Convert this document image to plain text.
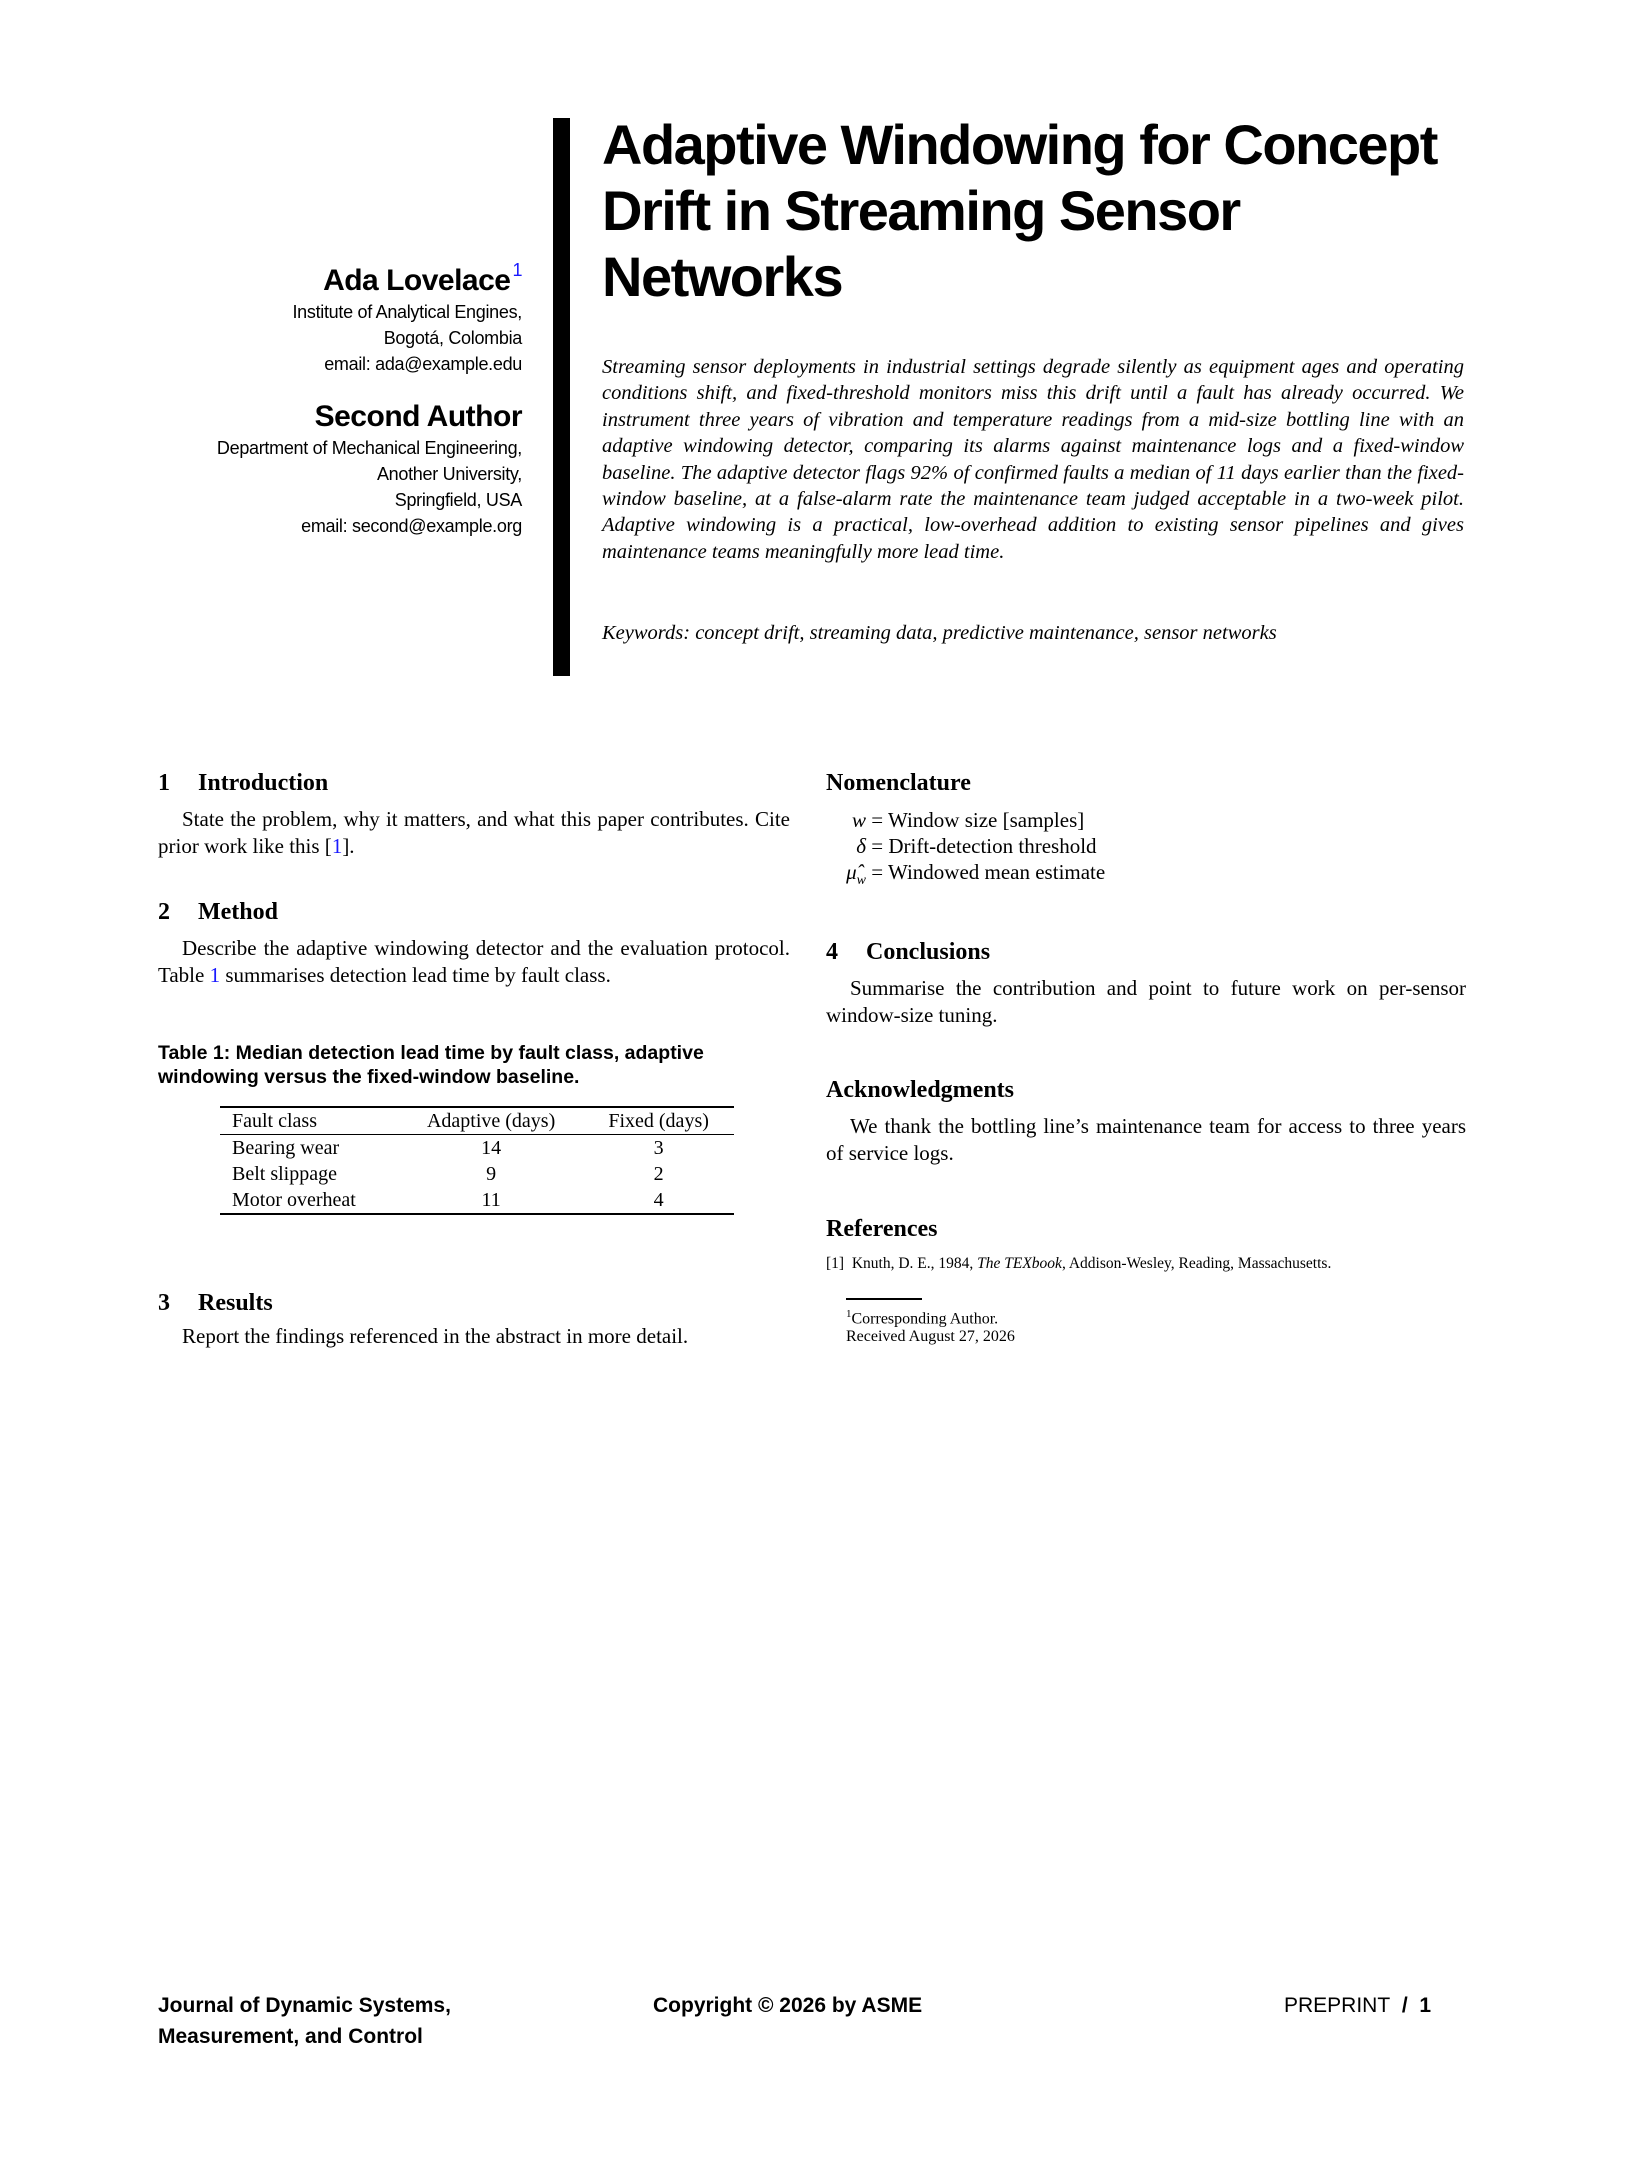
Ada Lovelace $^1$
Institute of Analytical Engines,
Bogotá, Colombia
email: ada@example.edu
Second Author
Department of Mechanical Engineering,
Another University,
Springfield, USA
email: second@example.org
Adaptive Windowing for Concept Drift in Streaming Sensor Networks
Streaming sensor deployments in industrial settings degrade silently as equipment ages and operating conditions shift, and fixed-threshold monitors miss this drift until a fault has already occurred. We instrument three years of vibration and temperature readings from a mid-size bottling line with an adaptive windowing detector, comparing its alarms against maintenance logs and a fixed-window baseline. The adaptive detector flags 92% of confirmed faults a median of 11 days earlier than the fixed-window baseline, at a false-alarm rate the maintenance team judged acceptable in a two-week pilot. Adaptive windowing is a practical, low-overhead addition to existing sensor pipelines and gives maintenance teams meaningfully more lead time.
Keywords: concept drift, streaming data, predictive maintenance, sensor networks
1 Introduction
State the problem, why it matters, and what this paper contributes. Cite prior work like this [1].
2 Method
Describe the adaptive windowing detector and the evaluation protocol. Table 1 summarises detection lead time by fault class.
Table 1: Median detection lead time by fault class, adaptive windowing versus the fixed-window baseline.
Fault class	Adaptive (days)	Fixed (days)
Bearing wear	14	3
Belt slippage	9	2
Motor overheat	11	4
3 Results
Report the findings referenced in the abstract in more detail.
Nomenclature
w = Window size [samples]
δ = Drift-detection threshold
$\mû_w$ = Windowed mean estimate
4 Conclusions
Summarise the contribution and point to future work on per-sensor window-size tuning.
Acknowledgments
We thank the bottling line’s maintenance team for access to three years of service logs.
References
[1] Knuth, D. E., 1984, The TEXbook, Addison-Wesley, Reading, Massachusetts.
$^1$Corresponding Author.
Received August 27, 2026
Journal of Dynamic Systems,
Measurement, and Control
Copyright © 2026 by ASME	PREPRINT / 1
